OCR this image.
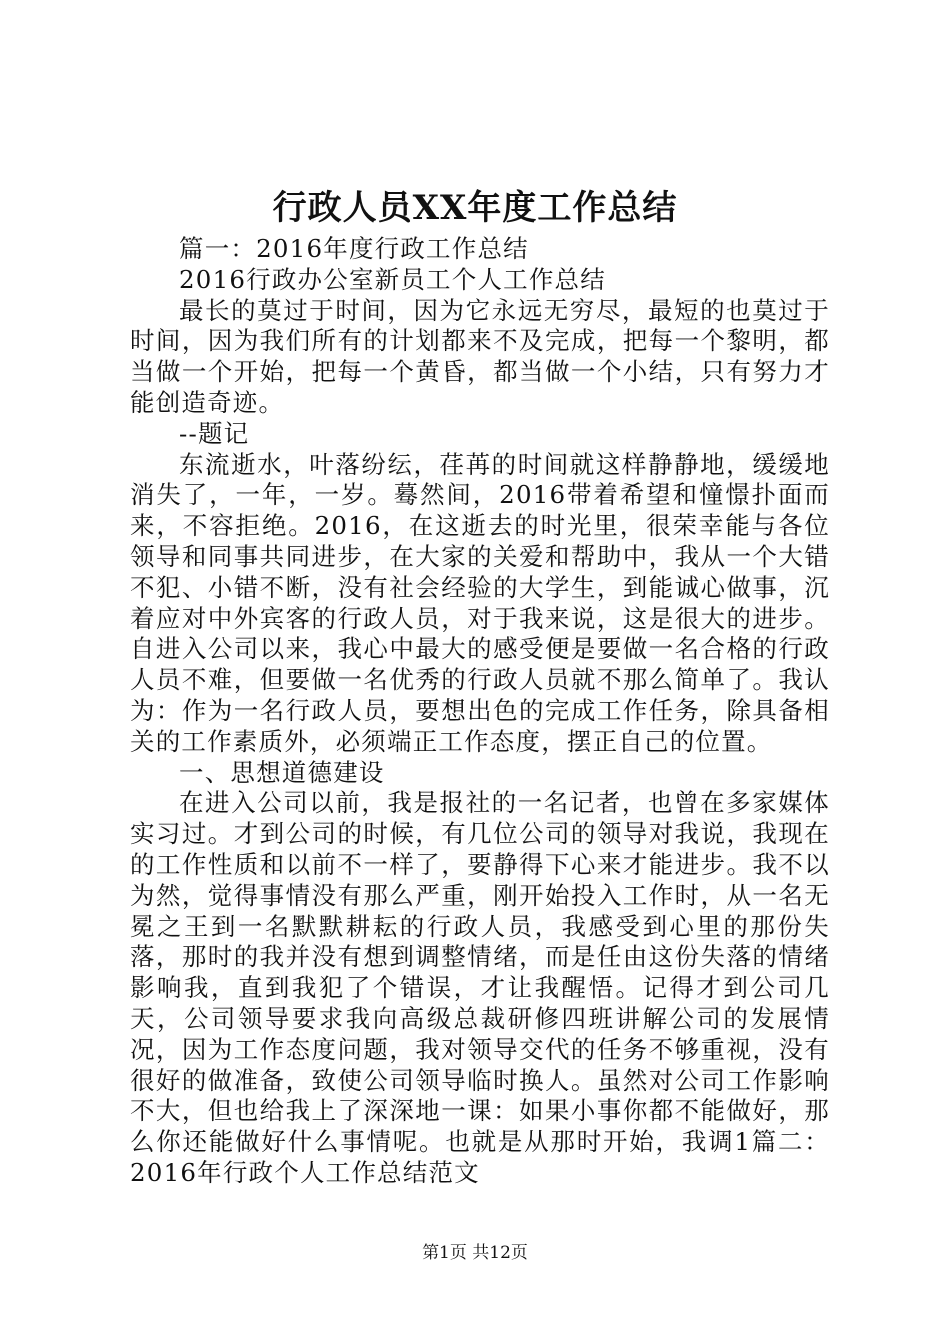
行政人员XX年度工作总结

篇一：2016年度行政工作总结

2016行政办公室新员工个人工作总结

最长的莫过于时间，因为它永远无穷尽，最短的也莫过于时间，因为我们所有的计划都来不及完成，把每一个黎明，都当做一个开始，把每一个黄昏，都当做一个小结，只有努力才能创造奇迹。

--题记

东流逝水，叶落纷纭，荏苒的时间就这样静静地，缓缓地消失了，一年，一岁。蓦然间，2016带着希望和憧憬扑面而来，不容拒绝。2016，在这逝去的时光里，很荣幸能与各位领导和同事共同进步，在大家的关爱和帮助中，我从一个大错不犯、小错不断，没有社会经验的大学生，到能诚心做事，沉着应对中外宾客的行政人员，对于我来说，这是很大的进步。自进入公司以来，我心中最大的感受便是要做一名合格的行政人员不难，但要做一名优秀的行政人员就不那么简单了。我认为：作为一名行政人员，要想出色的完成工作任务，除具备相关的工作素质外，必须端正工作态度，摆正自己的位置。

一、思想道德建设

在进入公司以前，我是报社的一名记者，也曾在多家媒体实习过。才到公司的时候，有几位公司的领导对我说，我现在的工作性质和以前不一样了，要静得下心来才能进步。我不以为然，觉得事情没有那么严重，刚开始投入工作时，从一名无冕之王到一名默默耕耘的行政人员，我感受到心里的那份失落，那时的我并没有想到调整情绪，而是任由这份失落的情绪影响我，直到我犯了个错误，才让我醒悟。记得才到公司几天，公司领导要求我向高级总裁研修四班讲解公司的发展情况，因为工作态度问题，我对领导交代的任务不够重视，没有很好的做准备，致使公司领导临时换人。虽然对公司工作影响不大，但也给我上了深深地一课：如果小事你都不能做好，那么你还能做好什么事情呢。也就是从那时开始，我调1篇二：2016年行政个人工作总结范文

第1页 共12页
